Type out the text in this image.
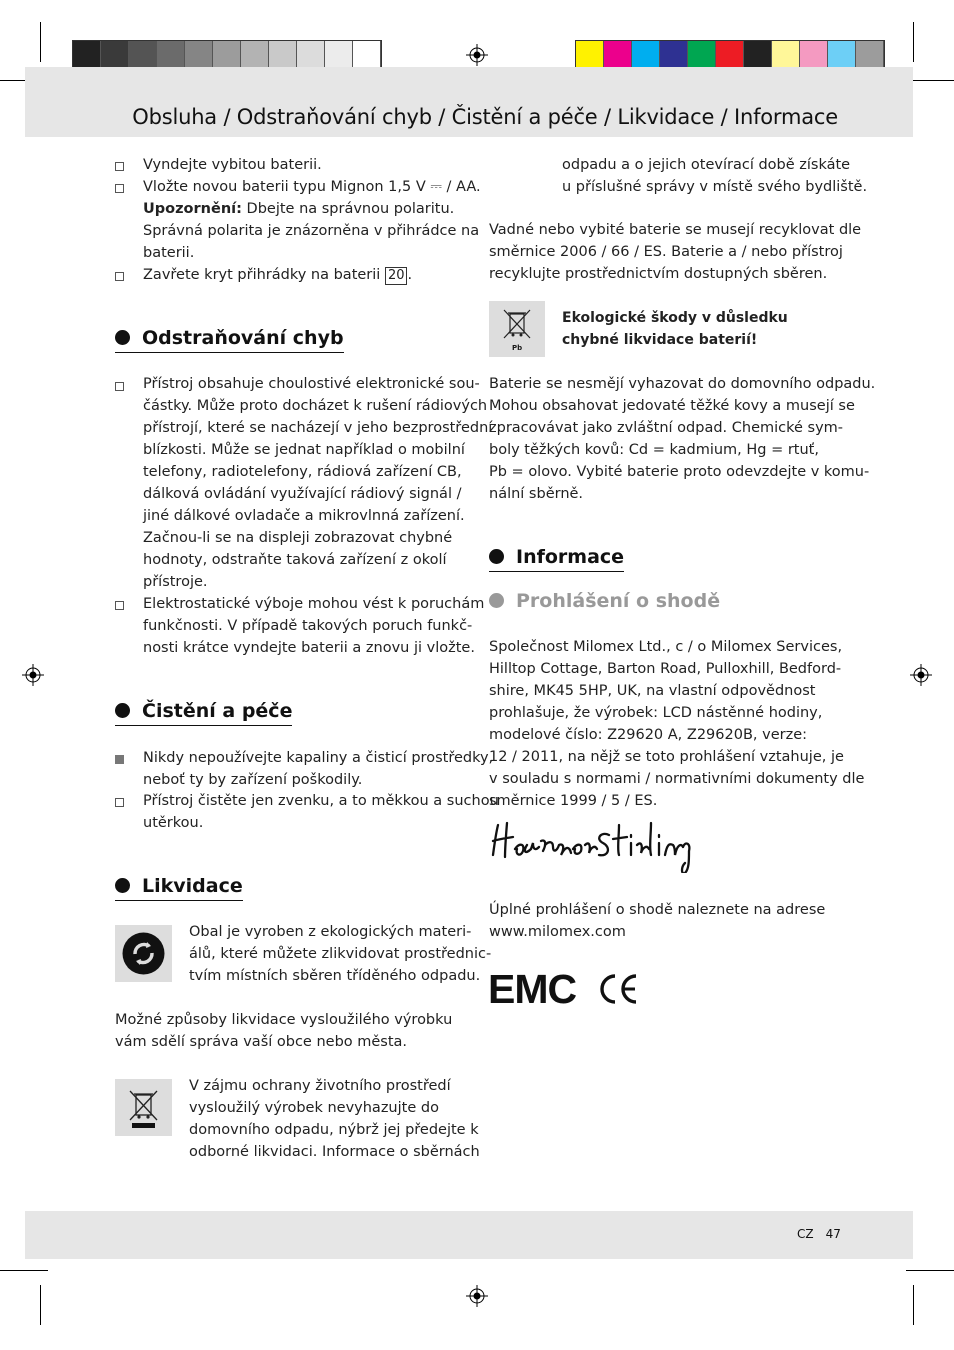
Obsluha / Odstraňování chyb / Čistění a péče / Likvidace / Informace
Vyndejte vybitou baterii.
Vložte novou baterii typu Mignon 1,5 V ⎓ / AA.
Upozornění: Dbejte na správnou polaritu.
Správná polarita je znázorněna v přihrádce na
baterii.
Zavřete kryt přihrádky na baterii 20 .
Odstraňování chyb
Přístroj obsahuje choulostivé elektronické sou-
částky. Může proto docházet k rušení rádiových
přístrojí, které se nacházejí v jeho bezprostřední
blízkosti. Může se jednat například o mobilní
telefony, radiotelefony, rádiová zařízení CB,
dálková ovládání využívající rádiový signál /
jiné dálkové ovladače a mikrovlnná zařízení.
Začnou-li se na displeji zobrazovat chybné
hodnoty, odstraňte taková zařízení z okolí
přístroje.
Elektrostatické výboje mohou vést k poruchám
funkčnosti. V případě takových poruch funkč-
nosti krátce vyndejte baterii a znovu ji vložte.
Čistění a péče
Nikdy nepoužívejte kapaliny a čisticí prostředky,
neboť ty by zařízení poškodily.
Přístroj čistěte jen zvenku, a to měkkou a suchou
utěrkou.
Likvidace
Obal je vyroben z ekologických materi-
álů, které můžete zlikvidovat prostřednic-
tvím místních sběren tříděného odpadu.
Možné způsoby likvidace vysloužilého výrobku
vám sdělí správa vaší obce nebo města.
V zájmu ochrany životního prostředí
vysloužilý výrobek nevyhazujte do
domovního odpadu, nýbrž jej předejte k
odborné likvidaci. Informace o sběrnách
odpadu a o jejich otevírací době získáte
u příslušné správy v místě svého bydliště.
Vadné nebo vybité baterie se musejí recyklovat dle
směrnice 2006 / 66 / ES. Baterie a / nebo přístroj
recyklujte prostřednictvím dostupných sběren.
Pb
Ekologické škody v důsledku
chybné likvidace baterií!
Baterie se nesmějí vyhazovat do domovního odpadu.
Mohou obsahovat jedovaté těžké kovy a musejí se
zpracovávat jako zvláštní odpad. Chemické sym-
boly těžkých kovů: Cd = kadmium, Hg = rtuť,
Pb = olovo. Vybité baterie proto odevzdejte v komu-
nální sběrně.
Informace
Prohlášení o shodě
Společnost Milomex Ltd., c / o Milomex Services,
Hilltop Cottage, Barton Road, Pulloxhill, Bedford-
shire, MK45 5HP, UK, na vlastní odpovědnost
prohlašuje, že výrobek: LCD nástěnné hodiny,
modelové číslo: Z29620 A, Z29620B, verze:
12 / 2011, na nějž se toto prohlášení vztahuje, je
v souladu s normami / normativními dokumenty dle
směrnice 1999 / 5 / ES.
Heather Stirling
Úplné prohlášení o shodě naleznete na adrese
www.milomex.com
EMC
CZ 47
